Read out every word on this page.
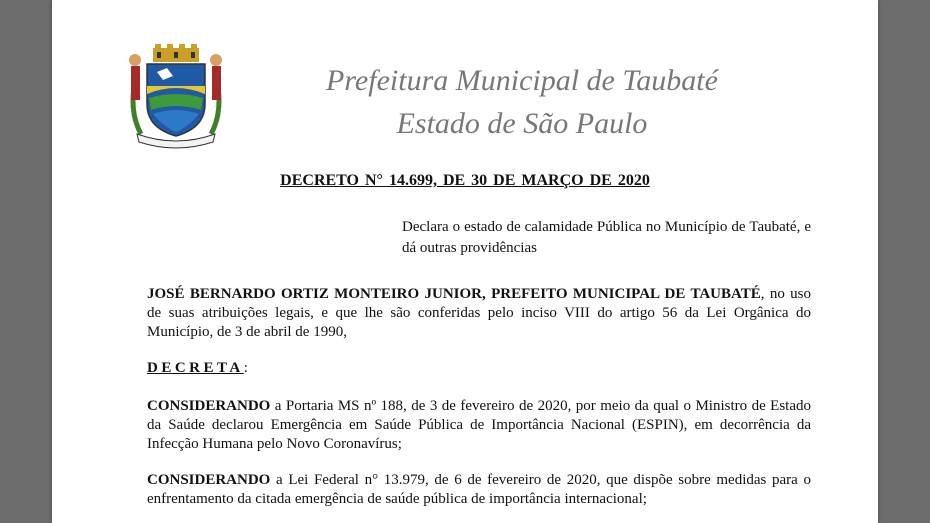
Prefeitura Municipal de Taubaté
Estado de São Paulo
DECRETO N° 14.699, DE 30 DE MARÇO DE 2020
Declara o estado de calamidade Pública no Município de Taubaté, e dá outras providências
JOSÉ BERNARDO ORTIZ MONTEIRO JUNIOR, PREFEITO MUNICIPAL DE TAUBATÉ, no uso de suas atribuições legais, e que lhe são conferidas pelo inciso VIII do artigo 56 da Lei Orgânica do Município, de 3 de abril de 1990,
DECRETA:
CONSIDERANDO a Portaria MS nº 188, de 3 de fevereiro de 2020, por meio da qual o Ministro de Estado da Saúde declarou Emergência em Saúde Pública de Importância Nacional (ESPIN), em decorrência da Infecção Humana pelo Novo Coronavírus;
CONSIDERANDO a Lei Federal n° 13.979, de 6 de fevereiro de 2020, que dispõe sobre medidas para o enfrentamento da citada emergência de saúde pública de importância internacional;
